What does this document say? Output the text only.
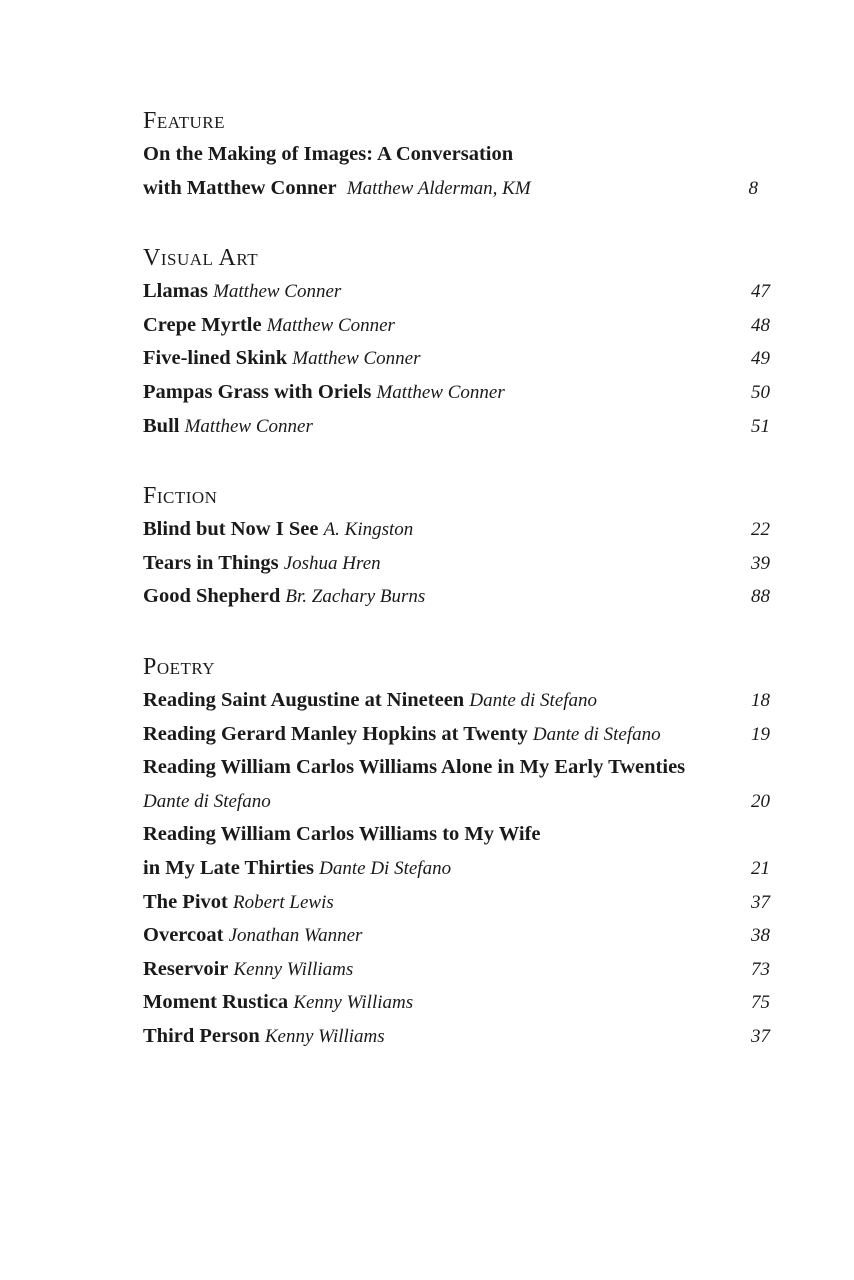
Feature
On the Making of Images: A Conversation
with Matthew Conner Matthew Alderman, KM	8
Visual Art
Llamas Matthew Conner	47
Crepe Myrtle Matthew Conner	48
Five-lined Skink Matthew Conner	49
Pampas Grass with Oriels Matthew Conner	50
Bull Matthew Conner	51
Fiction
Blind but Now I See A. Kingston	22
Tears in Things Joshua Hren	39
Good Shepherd Br. Zachary Burns	88
Poetry
Reading Saint Augustine at Nineteen Dante di Stefano	18
Reading Gerard Manley Hopkins at Twenty Dante di Stefano	19
Reading William Carlos Williams Alone in My Early Twenties
Dante di Stefano	20
Reading William Carlos Williams to My Wife
in My Late Thirties Dante Di Stefano	21
The Pivot Robert Lewis	37
Overcoat Jonathan Wanner	38
Reservoir Kenny Williams	73
Moment Rustica Kenny Williams	75
Third Person Kenny Williams	37
